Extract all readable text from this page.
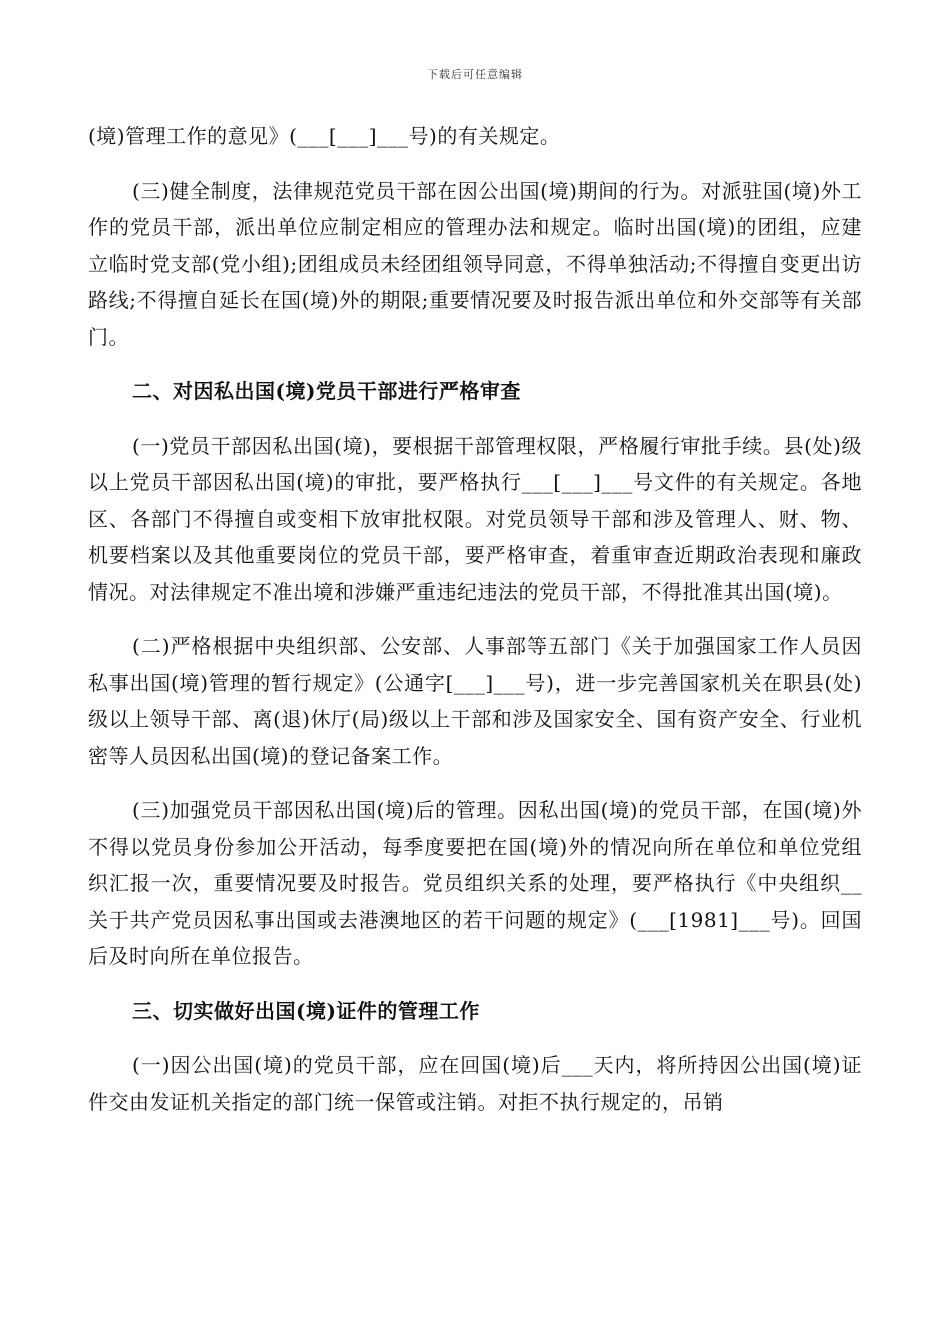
下载后可任意编辑

(境)管理工作的意见》(___[___]___号)的有关规定。

(三)健全制度，法律规范党员干部在因公出国(境)期间的行为。对派驻国(境)外工作的党员干部，派出单位应制定相应的管理办法和规定。临时出国(境)的团组，应建立临时党支部(党小组);团组成员未经团组领导同意，不得单独活动;不得擅自变更出访路线;不得擅自延长在国(境)外的期限;重要情况要及时报告派出单位和外交部等有关部门。

二、对因私出国(境)党员干部进行严格审查

(一)党员干部因私出国(境)，要根据干部管理权限，严格履行审批手续。县(处)级以上党员干部因私出国(境)的审批，要严格执行___[___]___号文件的有关规定。各地区、各部门不得擅自或变相下放审批权限。对党员领导干部和涉及管理人、财、物、机要档案以及其他重要岗位的党员干部，要严格审查，着重审查近期政治表现和廉政情况。对法律规定不准出境和涉嫌严重违纪违法的党员干部，不得批准其出国(境)。

(二)严格根据中央组织部、公安部、人事部等五部门《关于加强国家工作人员因私事出国(境)管理的暂行规定》(公通字[___]___号)，进一步完善国家机关在职县(处)级以上领导干部、离(退)休厅(局)级以上干部和涉及国家安全、国有资产安全、行业机密等人员因私出国(境)的登记备案工作。

(三)加强党员干部因私出国(境)后的管理。因私出国(境)的党员干部，在国(境)外不得以党员身份参加公开活动，每季度要把在国(境)外的情况向所在单位和单位党组织汇报一次，重要情况要及时报告。党员组织关系的处理，要严格执行《中央组织__关于共产党员因私事出国或去港澳地区的若干问题的规定》(___[1981]___号)。回国后及时向所在单位报告。

三、切实做好出国(境)证件的管理工作

(一)因公出国(境)的党员干部，应在回国(境)后___天内，将所持因公出国(境)证件交由发证机关指定的部门统一保管或注销。对拒不执行规定的，吊销
